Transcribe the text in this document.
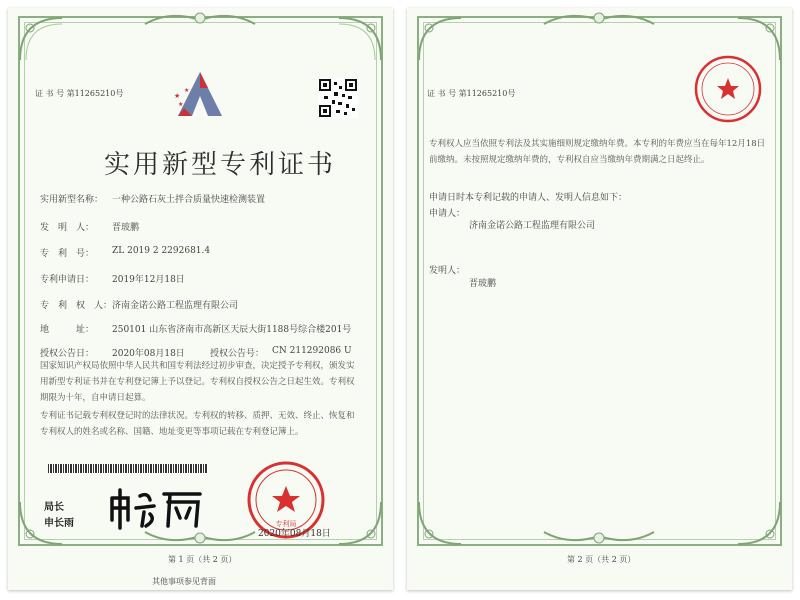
证 书 号 第11265210号	★
★
★
实用新型专利证书
实用新型名称： 一种公路石灰土拌合质量快速检测装置
发　明　人： 晋玻鹏
专　利　号： ZL 2019 2 2292681.4
专利申请日： 2019年12月18日
专　利　权　人： 济南金诺公路工程监理有限公司
地　　　址： 250101 山东省济南市高新区天辰大街1188号综合楼201号
授权公告日： 2020年08月18日	授权公告号： CN 211292086 U
国家知识产权局依照中华人民共和国专利法经过初步审查，决定授予专利权，颁发实用新型专利证书并在专利登记簿上予以登记。专利权自授权公告之日起生效。专利权期限为十年，自申请日起算。
专利证书记载专利权登记时的法律状况。专利权的转移、质押、无效、终止、恢复和专利权人的姓名或名称、国籍、地址变更等事项记载在专利登记簿上。
局长
申长雨	专利局
2020年08月18日
第 1 页（共 2 页）
其他事项参见背面
证 书 号 第11265210号
专利权人应当依照专利法及其实施细则规定缴纳年费。本专利的年费应当在每年12月18日前缴纳。未按照规定缴纳年费的，专利权自应当缴纳年费期满之日起终止。
申请日时本专利记载的申请人、发明人信息如下：
申请人：
济南金诺公路工程监理有限公司
发明人：
晋玻鹏
第 2 页（共 2 页）
